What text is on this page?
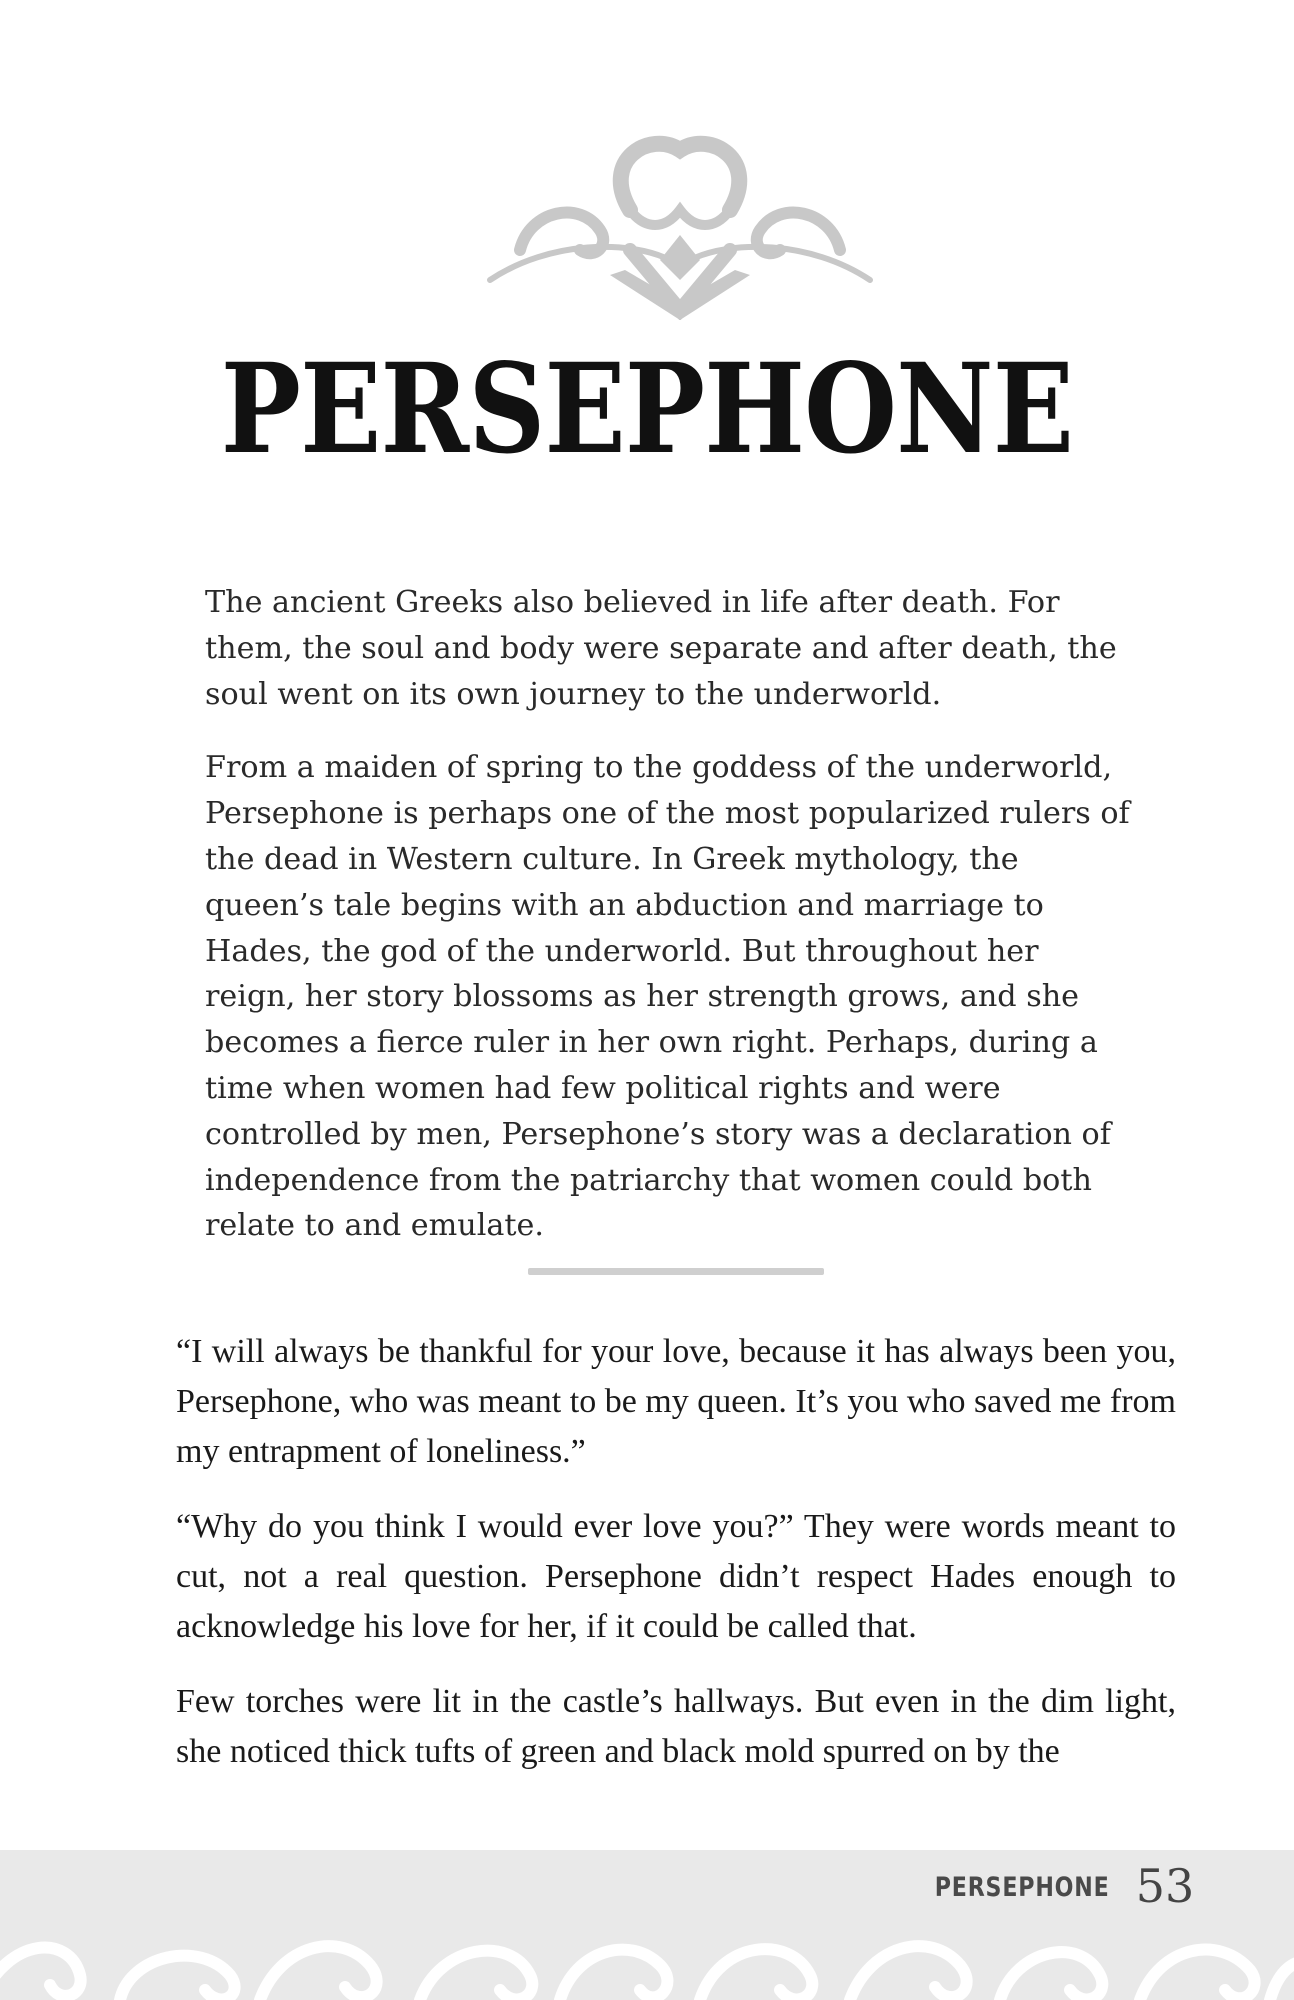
PERSEPHONE

The ancient Greeks also believed in life after death. For them, the soul and body were separate and after death, the soul went on its own journey to the underworld.

From a maiden of spring to the goddess of the underworld, Persephone is perhaps one of the most popularized rulers of the dead in Western culture. In Greek mythology, the queen’s tale begins with an abduction and marriage to Hades, the god of the underworld. But throughout her reign, her story blossoms as her strength grows, and she becomes a fierce ruler in her own right. Perhaps, during a time when women had few political rights and were controlled by men, Persephone’s story was a declaration of independence from the patriarchy that women could both relate to and emulate.

“I will always be thankful for your love, because it has always been you, Persephone, who was meant to be my queen. It’s you who saved me from my entrapment of loneliness.”

“Why do you think I would ever love you?” They were words meant to cut, not a real question. Persephone didn’t respect Hades enough to acknowledge his love for her, if it could be called that.

Few torches were lit in the castle’s hallways. But even in the dim light, she noticed thick tufts of green and black mold spurred on by the

PERSEPHONE 53
